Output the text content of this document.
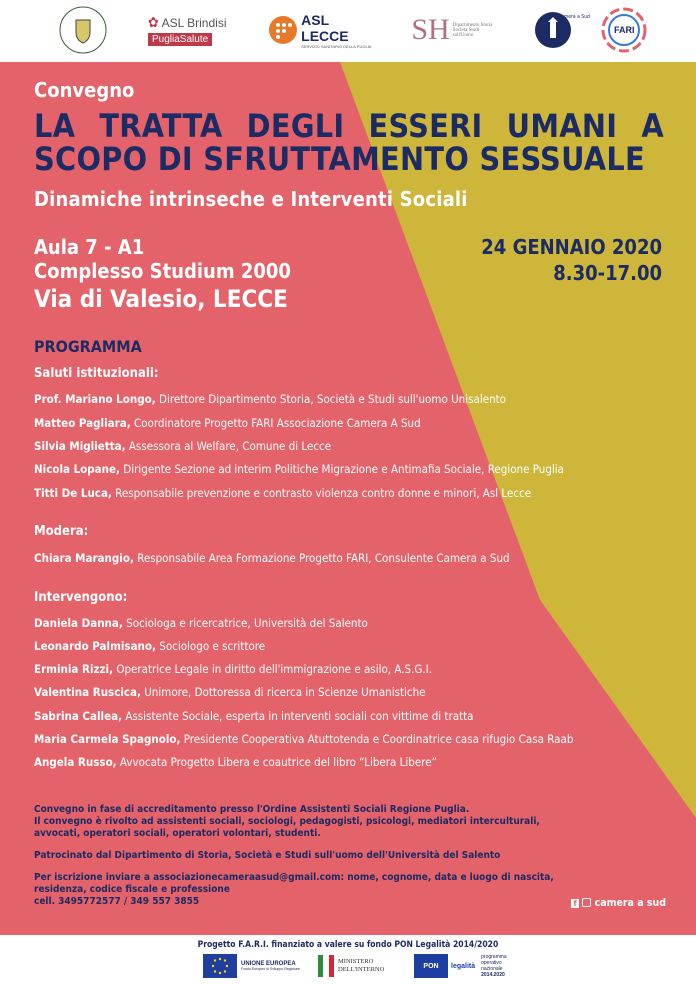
✿ ASL Brindisi
PugliaSalute
ASL LECCE
SERVIZIO SANITARIO DELLA PUGLIA SH Dipartimento Storia Società Studi sull'Uomo
Camera a Sud
FARI
Convegno
LA TRATTA DEGLI ESSERI UMANI A
SCOPO DI SFRUTTAMENTO SESSUALE
Dinamiche intrinseche e Interventi Sociali
Aula 7 - A1
Complesso Studium 2000
Via di Valesio, LECCE
24 GENNAIO 2020
8.30-17.00
PROGRAMMA
Saluti istituzionali:
Prof. Mariano Longo, Direttore Dipartimento Storia, Società e Studi sull'uomo Unisalento
Matteo Pagliara, Coordinatore Progetto FARI Associazione Camera A Sud
Silvia Miglietta, Assessora al Welfare, Comune di Lecce
Nicola Lopane, Dirigente Sezione ad interim Politiche Migrazione e Antimafia Sociale, Regione Puglia
Titti De Luca, Responsabile prevenzione e contrasto violenza contro donne e minori, Asl Lecce
Modera:
Chiara Marangio, Responsabile Area Formazione Progetto FARI, Consulente Camera a Sud
Intervengono:
Daniela Danna, Sociologa e ricercatrice, Università del Salento
Leonardo Palmisano, Sociologo e scrittore
Erminia Rizzi, Operatrice Legale in diritto dell'immigrazione e asilo, A.S.G.I.
Valentina Ruscica, Unimore, Dottoressa di ricerca in Scienze Umanistiche
Sabrina Callea, Assistente Sociale, esperta in interventi sociali con vittime di tratta
Maria Carmela Spagnolo, Presidente Cooperativa Atuttotenda e Coordinatrice casa rifugio Casa Raab
Angela Russo, Avvocata Progetto Libera e coautrice del libro “Libera Libere”
Convegno in fase di accreditamento presso l'Ordine Assistenti Sociali Regione Puglia.
Il convegno è rivolto ad assistenti sociali, sociologi, pedagogisti, psicologi, mediatori interculturali,
avvocati, operatori sociali, operatori volontari, studenti.
Patrocinato dal Dipartimento di Storia, Società e Studi sull'uomo dell'Università del Salento
Per iscrizione inviare a associazionecameraasud@gmail.com: nome, cognome, data e luogo di nascita,
residenza, codice fiscale e professione
cell. 3495772577 / 349 557 3855	f camera a sud
Progetto F.A.R.I. finanziato a valere su fondo PON Legalità 2014/2020
UNIONE EUROPEA
Fondo Europeo di Sviluppo Regionale
MINISTERO
DELL'INTERNO	PON	legalità
programma
operativo
nazionale
2014.2020
